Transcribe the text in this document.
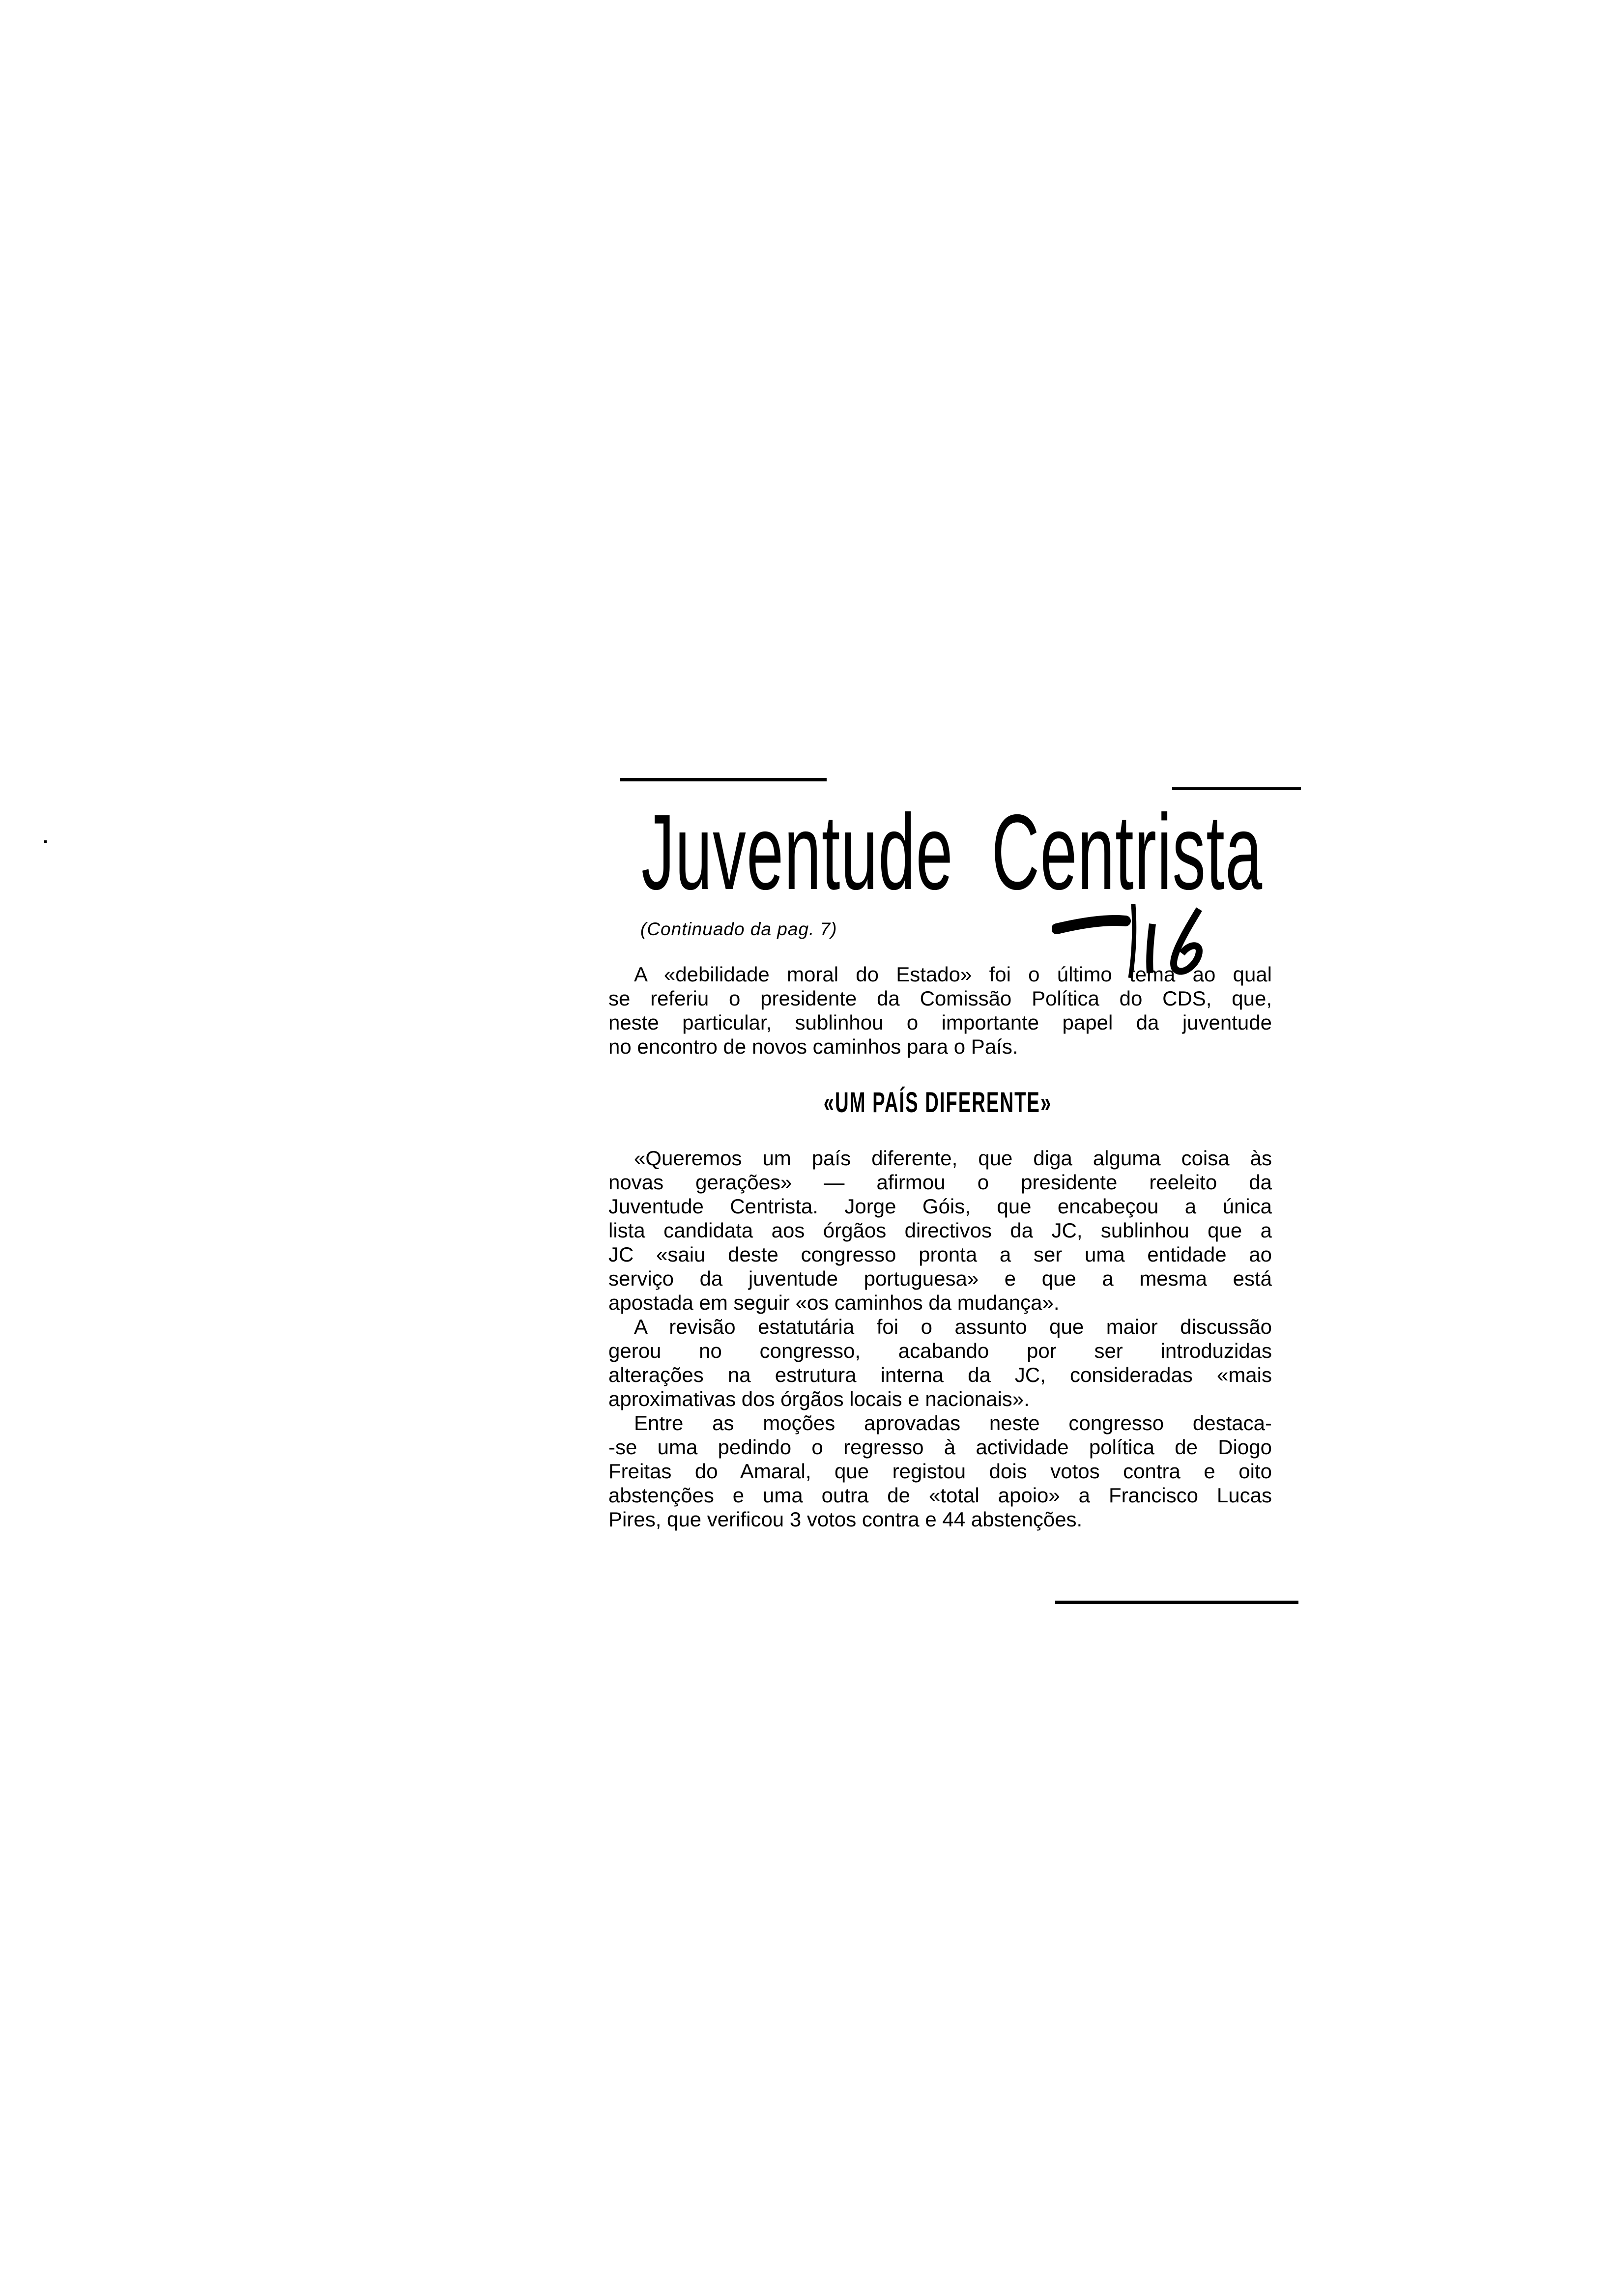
Juventude Centrista
(Continuado da pag. 7)
A «debilidade moral do Estado» foi o último tema ao qual
se referiu o presidente da Comissão Política do CDS, que,
neste particular, sublinhou o importante papel da juventude
no encontro de novos caminhos para o País.
«UM PAÍS DIFERENTE»
«Queremos um país diferente, que diga alguma coisa às
novas gerações» — afirmou o presidente reeleito da
Juventude Centrista. Jorge Góis, que encabeçou a única
lista candidata aos órgãos directivos da JC, sublinhou que a
JC «saiu deste congresso pronta a ser uma entidade ao
serviço da juventude portuguesa» e que a mesma está
apostada em seguir «os caminhos da mudança».
A revisão estatutária foi o assunto que maior discussão
gerou no congresso, acabando por ser introduzidas
alterações na estrutura interna da JC, consideradas «mais
aproximativas dos órgãos locais e nacionais».
Entre as moções aprovadas neste congresso destaca-
-se uma pedindo o regresso à actividade política de Diogo
Freitas do Amaral, que registou dois votos contra e oito
abstenções e uma outra de «total apoio» a Francisco Lucas
Pires, que verificou 3 votos contra e 44 abstenções.
